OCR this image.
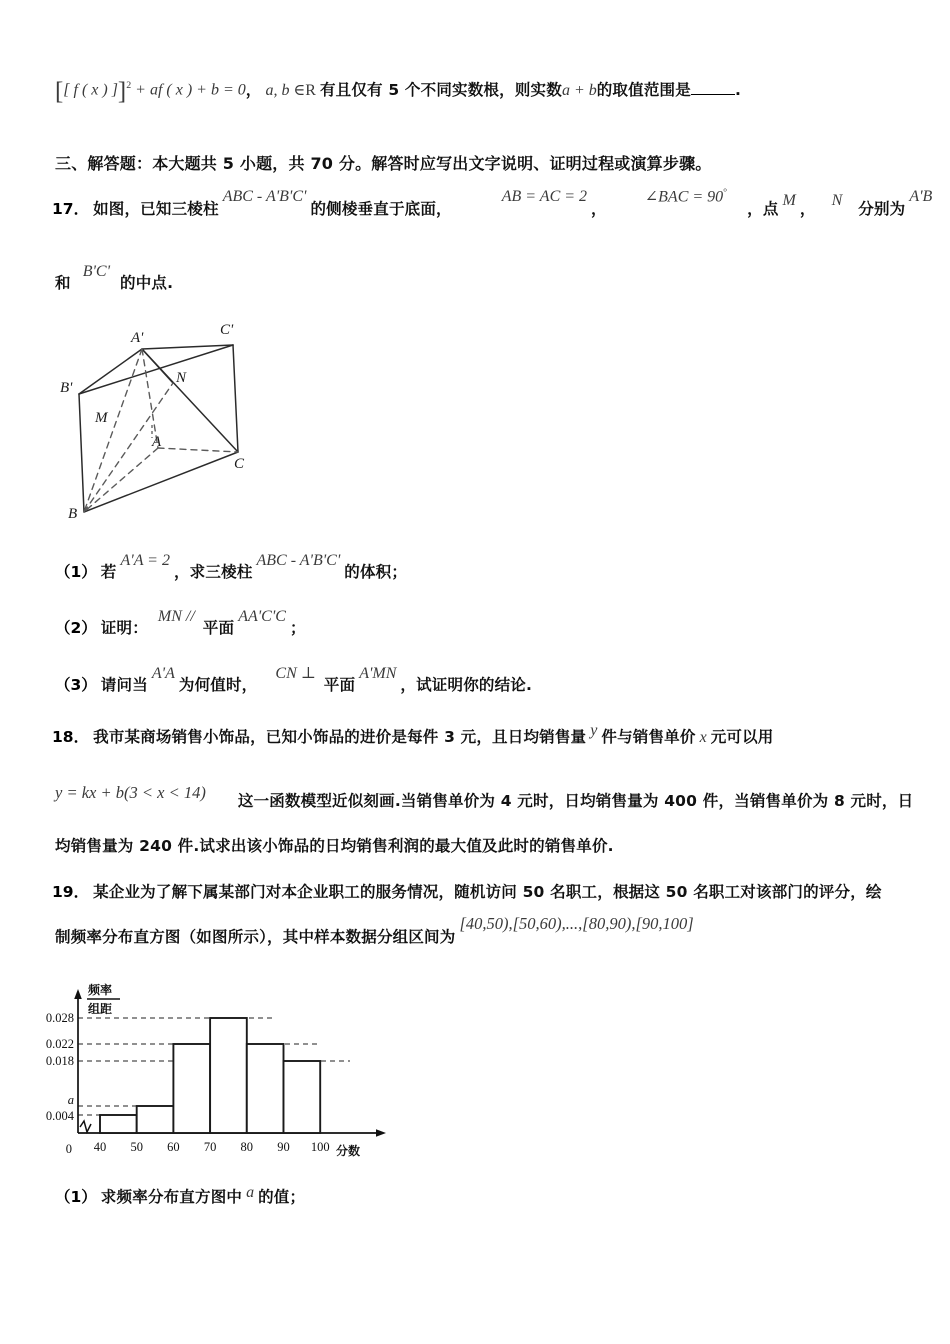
[[ f ( x ) ]]$^2$ + af ( x ) + b = 0， a, b ∈R 有且仅有 5 个不同实数根，则实数a + b的取值范围是	.
三、解答题：本大题共 5 小题，共 70 分。解答时应写出文字说明、证明过程或演算步骤。
17． 如图，已知三棱柱 ABC - A'B'C' 的侧棱垂直于底面， AB = AC = 2 ， ∠BAC = 90° ，点 M ， N 分别为 A'B
和 B'C' 的中点.
A'	C'
B'
N
M
A
C
B
（1） 若 A'A = 2 ，求三棱柱 ABC - A'B'C' 的体积；
（2） 证明： MN // 平面 AA'C'C ；
（3） 请问当 A'A 为何值时， CN ⊥ 平面 A'MN ，试证明你的结论.
18． 我市某商场销售小饰品，已知小饰品的进价是每件 3 元，且日均销售量 y 件与销售单价 x 元可以用
y = kx + b(3 < x < 14) 这一函数模型近似刻画.当销售单价为 4 元时，日均销售量为 400 件，当销售单价为 8 元时，日
均销售量为 240 件.试求出该小饰品的日均销售利润的最大值及此时的销售单价.
19． 某企业为了解下属某部门对本企业职工的服务情况，随机访问 50 名职工，根据这 50 名职工对该部门的评分，绘
制频率分布直方图（如图所示），其中样本数据分组区间为 [40,50),[50,60),...,[80,90),[90,100]
0.028
0.022
0.018
a
0.004
0 40 50 60 70 80 90 100 分数
频率
组距
（1） 求频率分布直方图中 a 的值；
